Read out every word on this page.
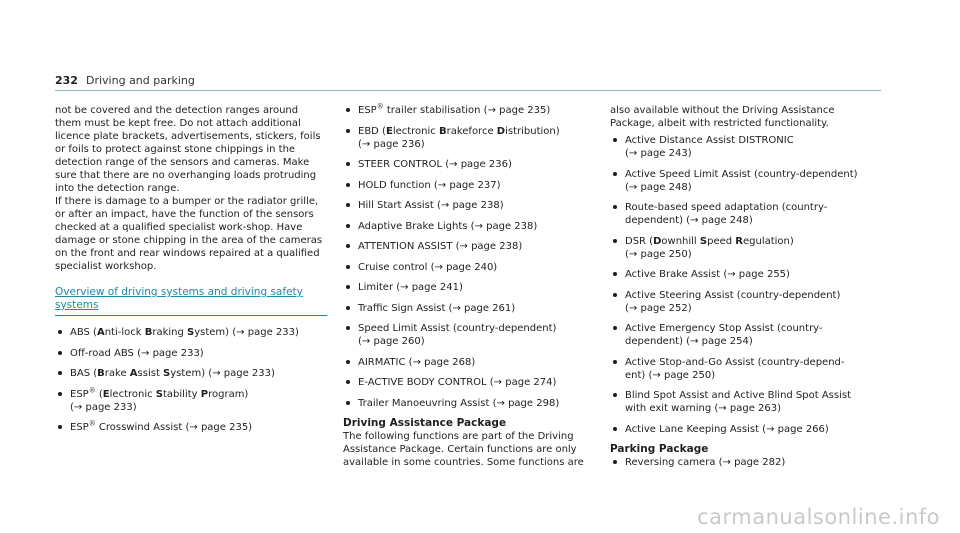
232 Driving and parking

not be covered and the detection ranges around them must be kept free. Do not attach additional licence plate brackets, advertisements, stickers, foils or foils to protect against stone chippings in the detection range of the sensors and cameras. Make sure that there are no overhanging loads protruding into the detection range.

If there is damage to a bumper or the radiator grille, or after an impact, have the function of the sensors checked at a qualified specialist work-shop. Have damage or stone chipping in the area of the cameras on the front and rear windows repaired at a qualified specialist workshop.

Overview of driving systems and driving safety systems
ABS (Anti-lock Braking System) (→ page 233)
Off-road ABS (→ page 233)
BAS (Brake Assist System) (→ page 233)
ESP® (Electronic Stability Program)
(→ page 233)
ESP® Crosswind Assist (→ page 235)
ESP® trailer stabilisation (→ page 235)
EBD (Electronic Brakeforce Distribution)
(→ page 236)
STEER CONTROL (→ page 236)
HOLD function (→ page 237)
Hill Start Assist (→ page 238)
Adaptive Brake Lights (→ page 238)
ATTENTION ASSIST (→ page 238)
Cruise control (→ page 240)
Limiter (→ page 241)
Traffic Sign Assist (→ page 261)
Speed Limit Assist (country-dependent)
(→ page 260)
AIRMATIC (→ page 268)
E-ACTIVE BODY CONTROL (→ page 274)
Trailer Manoeuvring Assist (→ page 298)
Driving Assistance Package

The following functions are part of the Driving Assistance Package. Certain functions are only available in some countries. Some functions are

also available without the Driving Assistance Package, albeit with restricted functionality.

Active Distance Assist DISTRONIC
(→ page 243)
Active Speed Limit Assist (country-dependent)
(→ page 248)
Route-based speed adaptation (country-
dependent) (→ page 248)
DSR (Downhill Speed Regulation)
(→ page 250)
Active Brake Assist (→ page 255)
Active Steering Assist (country-dependent)
(→ page 252)
Active Emergency Stop Assist (country-
dependent) (→ page 254)
Active Stop-and-Go Assist (country-depend-
ent) (→ page 250)
Blind Spot Assist and Active Blind Spot Assist
with exit warning (→ page 263)
Active Lane Keeping Assist (→ page 266)
Parking Package
Reversing camera (→ page 282)
carmanualsonline.info
